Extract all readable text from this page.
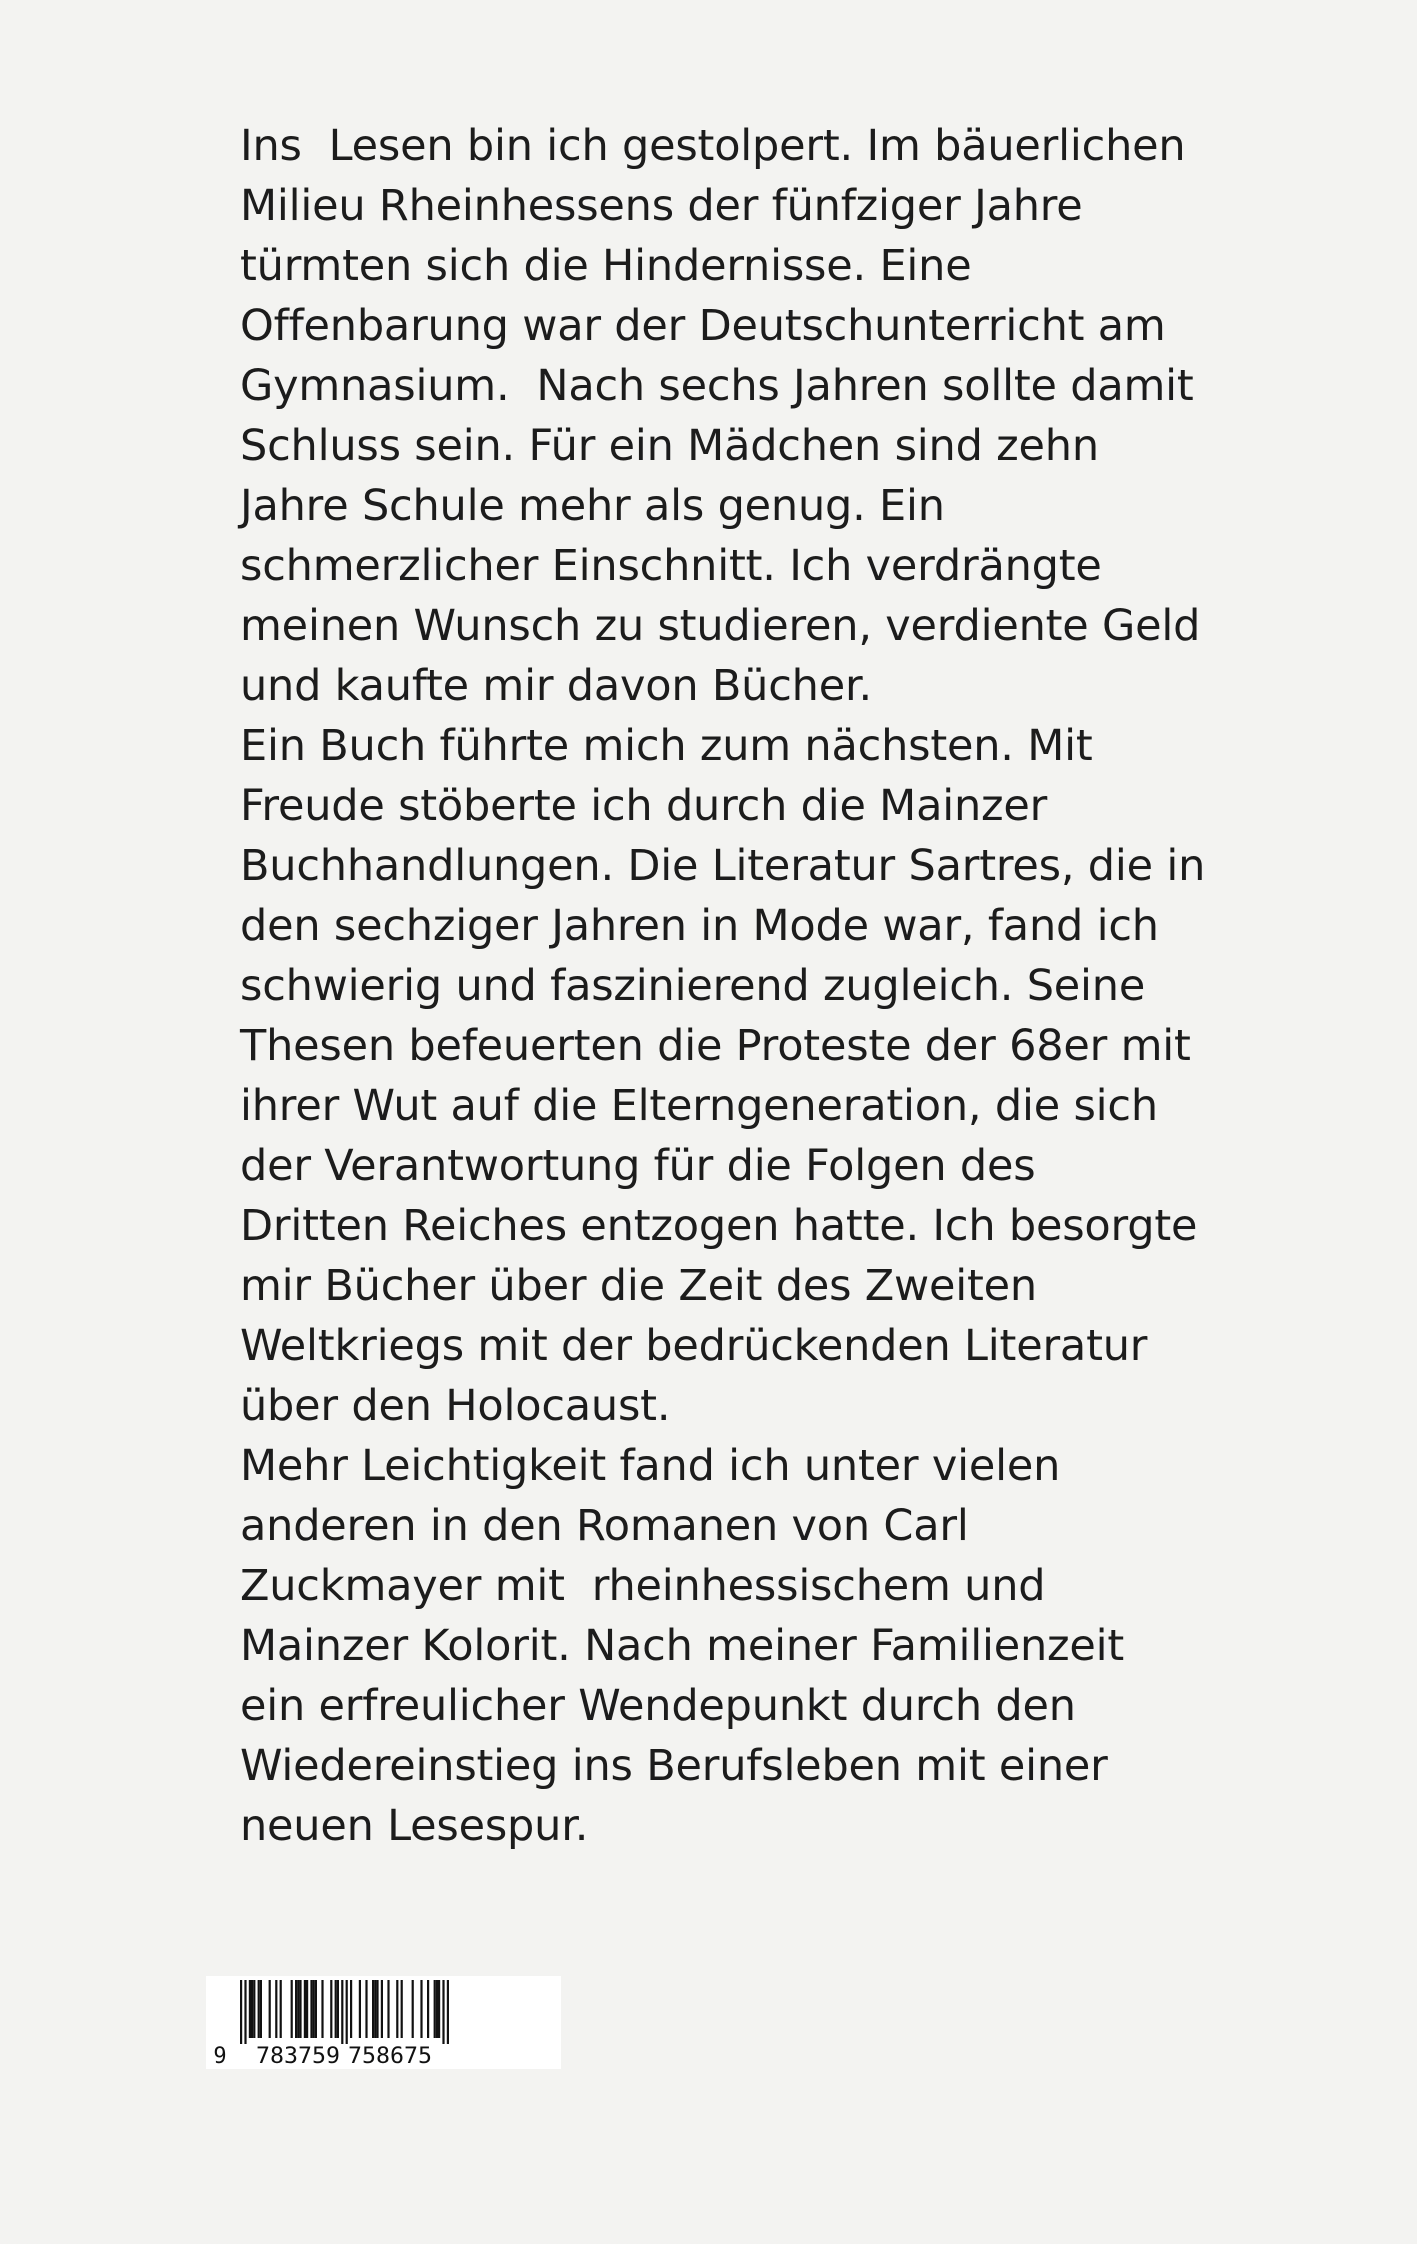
Ins  Lesen bin ich gestolpert. Im bäuerlichen
Milieu Rheinhessens der fünfziger Jahre
türmten sich die Hindernisse. Eine
Offenbarung war der Deutschunterricht am
Gymnasium.  Nach sechs Jahren sollte damit
Schluss sein. Für ein Mädchen sind zehn
Jahre Schule mehr als genug. Ein
schmerzlicher Einschnitt. Ich verdrängte
meinen Wunsch zu studieren, verdiente Geld
und kaufte mir davon Bücher.
Ein Buch führte mich zum nächsten. Mit
Freude stöberte ich durch die Mainzer
Buchhandlungen. Die Literatur Sartres, die in
den sechziger Jahren in Mode war, fand ich
schwierig und faszinierend zugleich. Seine
Thesen befeuerten die Proteste der 68er mit
ihrer Wut auf die Elterngeneration, die sich
der Verantwortung für die Folgen des
Dritten Reiches entzogen hatte. Ich besorgte
mir Bücher über die Zeit des Zweiten
Weltkriegs mit der bedrückenden Literatur
über den Holocaust.
Mehr Leichtigkeit fand ich unter vielen
anderen in den Romanen von Carl
Zuckmayer mit  rheinhessischem und
Mainzer Kolorit. Nach meiner Familienzeit
ein erfreulicher Wendepunkt durch den
Wiedereinstieg ins Berufsleben mit einer
neuen Lesespur.
9 783759 758675
